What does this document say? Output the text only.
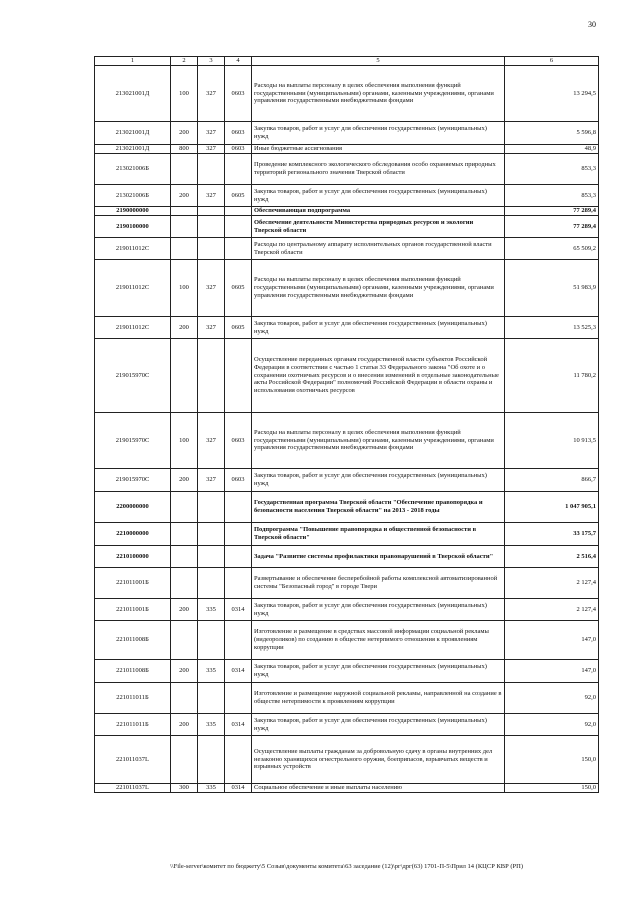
30
1	2	3	4	5	6
213021001Д	100	327	0603	Расходы на выплаты персоналу в целях обеспечения выполнения функций государственными (муниципальными) органами, казенными учреждениями, органами управления государственными внебюджетными фондами	13 294,5
213021001Д	200	327	0603	Закупка товаров, работ и услуг для обеспечения государственных (муниципальных) нужд	5 596,8
213021001Д	800	327	0603	Иные бюджетные ассигнования	48,9
213021006Б				Проведение комплексного экологического обследования особо охраняемых природных территорий регионального значения Тверской области	853,3
213021006Б	200	327	0605	Закупка товаров, работ и услуг для обеспечения государственных (муниципальных) нужд	853,3
2190000000				Обеспечивающая подпрограмма	77 289,4
2190100000				Обеспечение деятельности Министерства природных ресурсов и экологии Тверской области	77 289,4
219011012С				Расходы по центральному аппарату исполнительных органов государственной власти Тверской области	65 509,2
219011012С	100	327	0605	Расходы на выплаты персоналу в целях обеспечения выполнения функций государственными (муниципальными) органами, казенными учреждениями, органами управления государственными внебюджетными фондами	51 983,9
219011012С	200	327	0605	Закупка товаров, работ и услуг для обеспечения государственных (муниципальных) нужд	13 525,3
219015970С				Осуществление переданных органам государственной власти субъектов Российской Федерации в соответствии с частью 1 статьи 33 Федерального закона "Об охоте и о сохранении охотничьих ресурсов и о внесении изменений в отдельные законодательные акты Российской Федерации" полномочий Российской Федерации в области охраны и использования охотничьих ресурсов	11 780,2
219015970С	100	327	0603	Расходы на выплаты персоналу в целях обеспечения выполнения функций государственными (муниципальными) органами, казенными учреждениями, органами управления государственными внебюджетными фондами	10 913,5
219015970С	200	327	0603	Закупка товаров, работ и услуг для обеспечения государственных (муниципальных) нужд	866,7
2200000000				Государственная программа Тверской области "Обеспечение правопорядка и безопасности населения Тверской области" на 2013 - 2018 годы	1 047 905,1
2210000000				Подпрограмма "Повышение правопорядка и общественной безопасности в Тверской области"	33 175,7
2210100000				Задача "Развитие системы профилактики правонарушений в Тверской области"	2 516,4
221011001Б				Развертывание и обеспечение бесперебойной работы комплексной автоматизированной системы "Безопасный город" в городе Твери	2 127,4
221011001Б	200	335	0314	Закупка товаров, работ и услуг для обеспечения государственных (муниципальных) нужд	2 127,4
221011008Б				Изготовление и размещение в средствах массовой информации социальной рекламы (видеороликов) по созданию в обществе нетерпимого отношения к проявлениям коррупции	147,0
221011008Б	200	335	0314	Закупка товаров, работ и услуг для обеспечения государственных (муниципальных) нужд	147,0
221011011Б				Изготовление и размещение наружной социальной рекламы, направленной на создание в обществе нетерпимости к проявлениям коррупции	92,0
221011011Б	200	335	0314	Закупка товаров, работ и услуг для обеспечения государственных (муниципальных) нужд	92,0
221011037L				Осуществление выплаты гражданам за добровольную сдачу в органы внутренних дел незаконно хранящихся огнестрельного оружия, боеприпасов, взрывчатых веществ и взрывных устройств	150,0
221011037L	300	335	0314	Социальное обеспечение и иные выплаты населению	150,0
\\File-server\комитет по бюджету\5 Созыв\документы комитета\63 заседание (12)\рг\дрг(63) 1701-П-5\Прил 14 (КЦСР КВР (РП)
